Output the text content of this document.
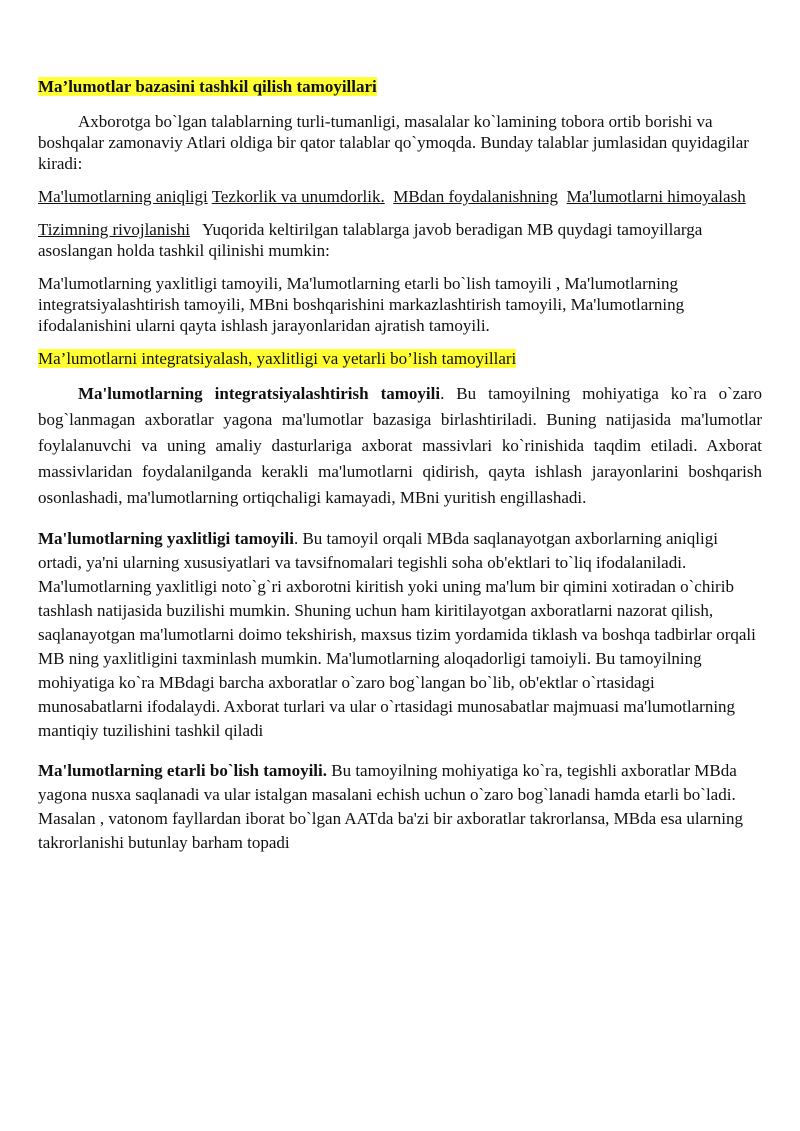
Ma’lumotlar bazasini tashkil qilish tamoyillari

Axborotga bo`lgan talablarning turli-tumanligi, masalalar ko`lamining tobora ortib borishi va boshqalar zamonaviy Atlari oldiga bir qator talablar qo`ymoqda. Bunday talablar jumlasidan quyidagilar kiradi:

Ma'lumotlarning aniqligi Tezkorlik va unumdorlik. MBdan foydalanishning Ma'lumotlarni himoyalash

Tizimning rivojlanishi Yuqorida keltirilgan talablarga javob beradigan MB quydagi tamoyillarga asoslangan holda tashkil qilinishi mumkin:

Ma'lumotlarning yaxlitligi tamoyili, Ma'lumotlarning etarli bo`lish tamoyili , Ma'lumotlarning integratsiyalashtirish tamoyili, MBni boshqarishini markazlashtirish tamoyili, Ma'lumotlarning ifodalanishini ularni qayta ishlash jarayonlaridan ajratish tamoyili.

Ma’lumotlarni integratsiyalash, yaxlitligi va yetarli bo’lish tamoyillari

Ma'lumotlarning integratsiyalashtirish tamoyili. Bu tamoyilning mohiyatiga ko`ra o`zaro bog`lanmagan axboratlar yagona ma'lumotlar bazasiga birlashtiriladi. Buning natijasida ma'lumotlar foylalanuvchi va uning amaliy dasturlariga axborat massivlari ko`rinishida taqdim etiladi. Axborat massivlaridan foydalanilganda kerakli ma'lumotlarni qidirish, qayta ishlash jarayonlarini boshqarish osonlashadi, ma'lumotlarning ortiqchaligi kamayadi, MBni yuritish engillashadi.

Ma'lumotlarning yaxlitligi tamoyili. Bu tamoyil orqali MBda saqlanayotgan axborlarning aniqligi ortadi, ya'ni ularning xususiyatlari va tavsifnomalari tegishli soha ob'ektlari to`liq ifodalaniladi. Ma'lumotlarning yaxlitligi noto`g`ri axborotni kiritish yoki uning ma'lum bir qimini xotiradan o`chirib tashlash natijasida buzilishi mumkin. Shuning uchun ham kiritilayotgan axboratlarni nazorat qilish, saqlanayotgan ma'lumotlarni doimo tekshirish, maxsus tizim yordamida tiklash va boshqa tadbirlar orqali MB ning yaxlitligini taxminlash mumkin. Ma'lumotlarning aloqadorligi tamoiyli. Bu tamoyilning mohiyatiga ko`ra MBdagi barcha axboratlar o`zaro bog`langan bo`lib, ob'ektlar o`rtasidagi munosabatlarni ifodalaydi. Axborat turlari va ular o`rtasidagi munosabatlar majmuasi ma'lumotlarning mantiqiy tuzilishini tashkil qiladi

Ma'lumotlarning etarli bo`lish tamoyili. Bu tamoyilning mohiyatiga ko`ra, tegishli axboratlar MBda yagona nusxa saqlanadi va ular istalgan masalani echish uchun o`zaro bog`lanadi hamda etarli bo`ladi. Masalan , vatonom fayllardan iborat bo`lgan AATda ba'zi bir axboratlar takrorlansa, MBda esa ularning takrorlanishi butunlay barham topadi
